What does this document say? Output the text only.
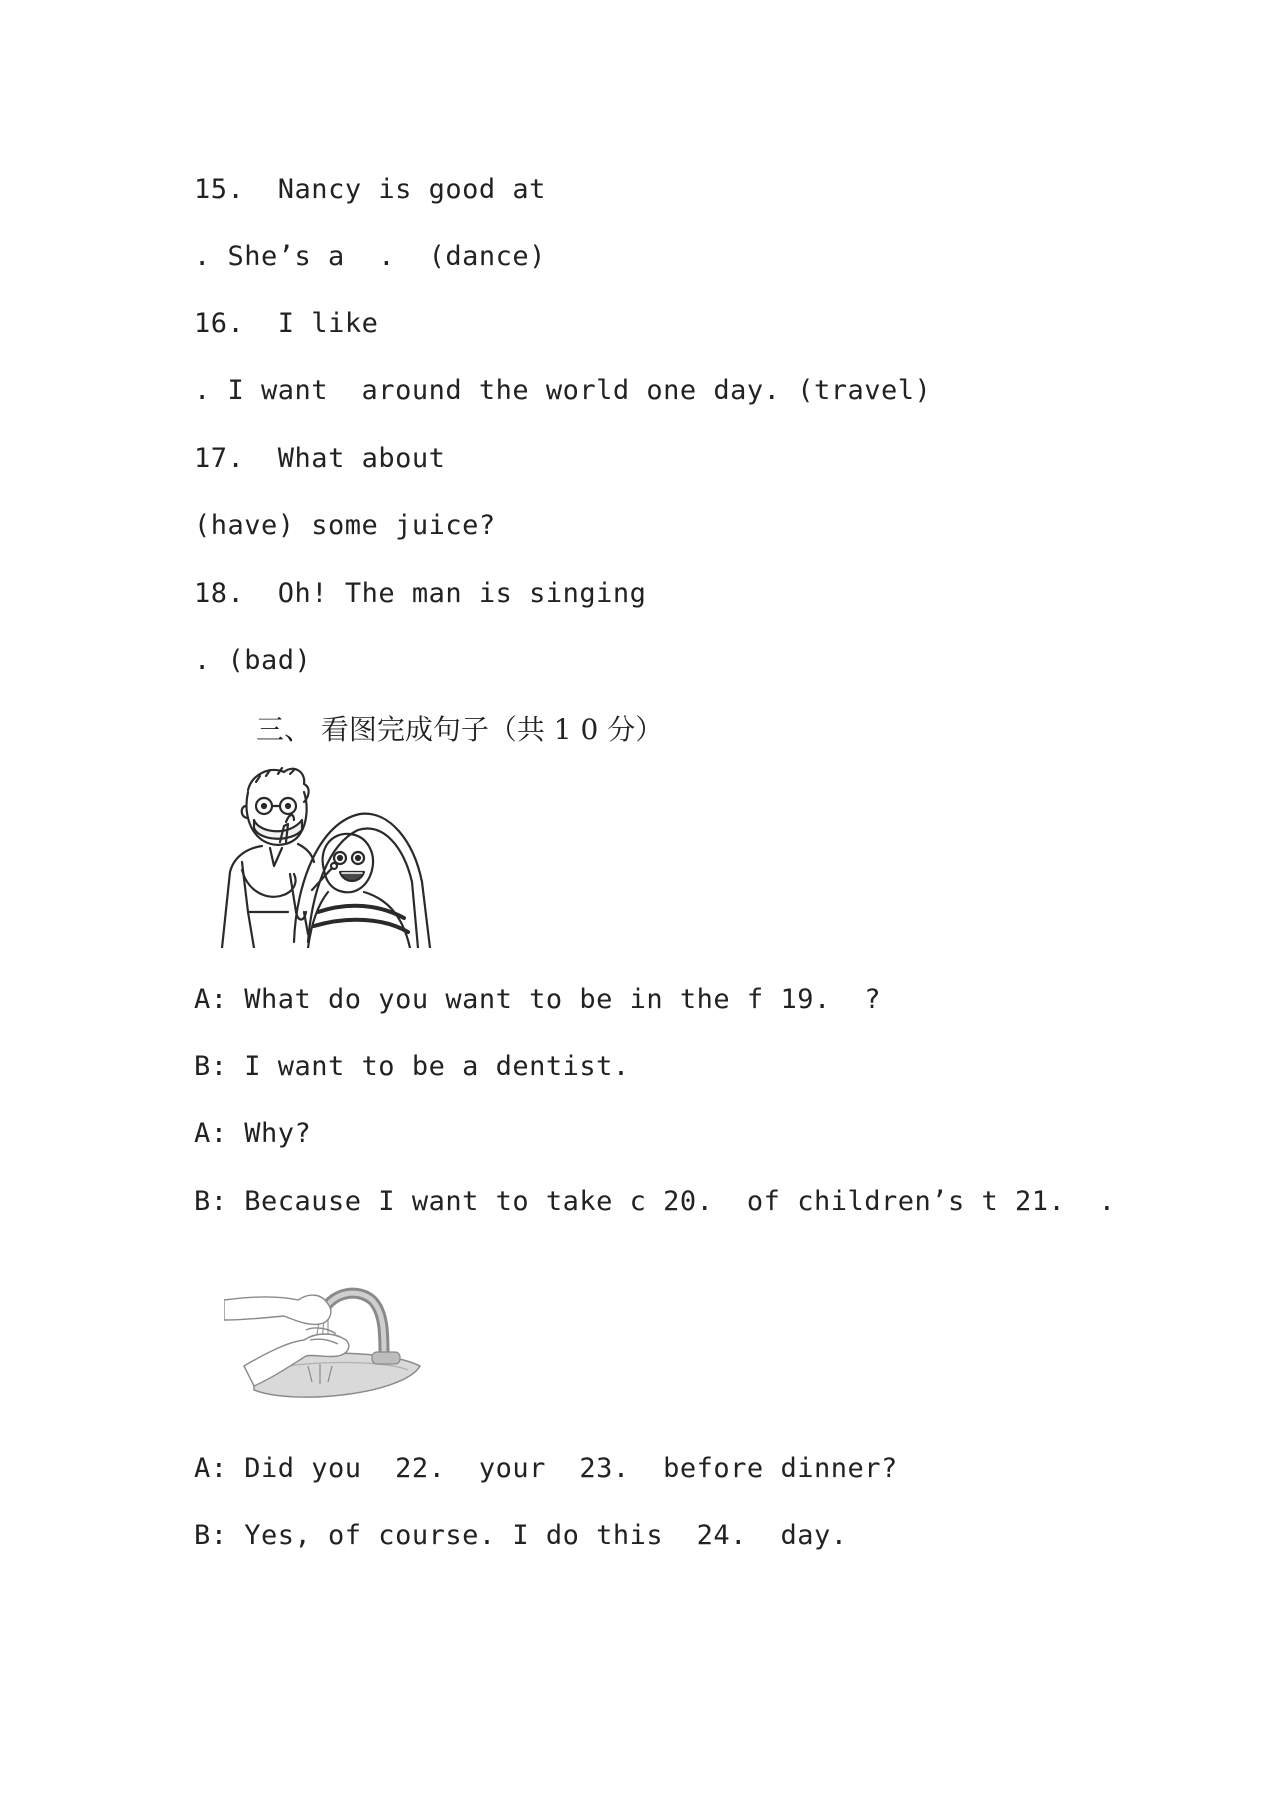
15. Nancy is good at
. She’s a  .  (dance)
16. I like
. I want  around the world one day. (travel)
17. What about
(have) some juice?
18. Oh! The man is singing
. (bad)
三、 看图完成句子（共 1 0 分）
A: What do you want to be in the f 19.  ?
B: I want to be a dentist.
A: Why?
B: Because I want to take c 20.  of children’s t 21.  .
A: Did you  22.  your  23.  before dinner?
B: Yes, of course. I do this  24.  day.
